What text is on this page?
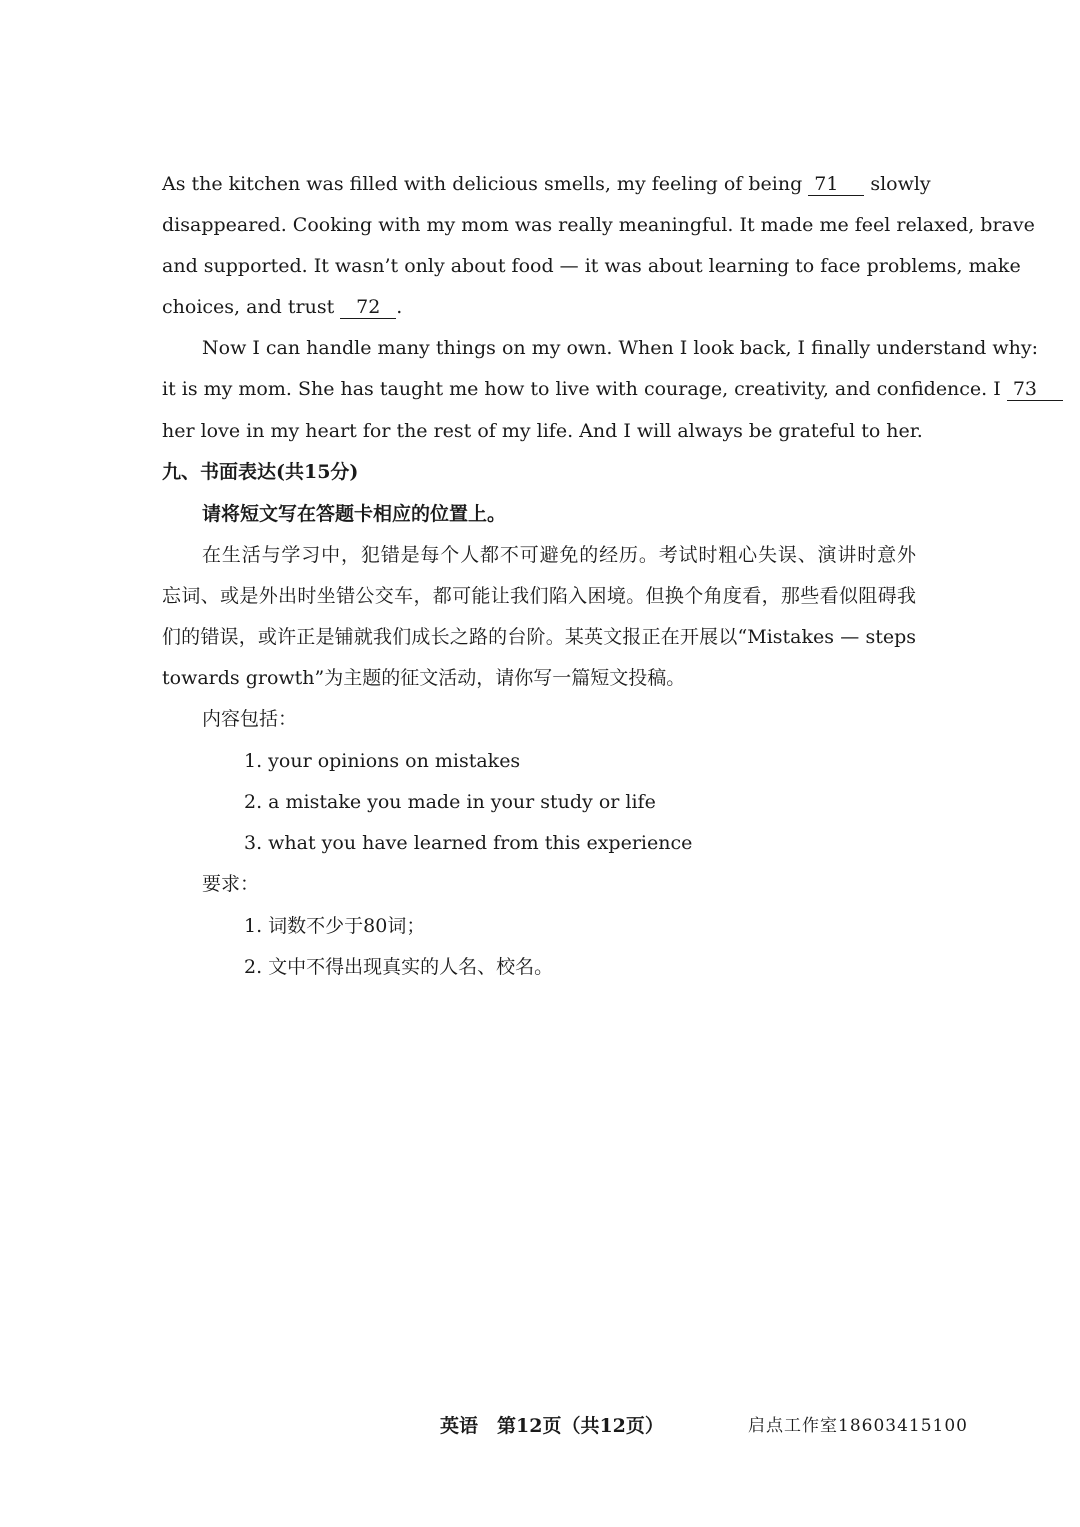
As the kitchen was filled with delicious smells, my feeling of being 71 slowly
disappeared. Cooking with my mom was really meaningful. It made me feel relaxed, brave
and supported. It wasn’t only about food — it was about learning to face problems, make
choices, and trust 72 .
Now I can handle many things on my own. When I look back, I finally understand why:
it is my mom. She has taught me how to live with courage, creativity, and confidence. I 73
her love in my heart for the rest of my life. And I will always be grateful to her.
九、书面表达(共15分)
请将短文写在答题卡相应的位置上。
在生活与学习中，犯错是每个人都不可避免的经历。考试时粗心失误、演讲时意外
忘词、或是外出时坐错公交车，都可能让我们陷入困境。但换个角度看，那些看似阻碍我
们的错误，或许正是铺就我们成长之路的台阶。某英文报正在开展以“Mistakes — steps
towards growth”为主题的征文活动，请你写一篇短文投稿。
内容包括：
1. your opinions on mistakes
2. a mistake you made in your study or life
3. what you have learned from this experience
要求：
1. 词数不少于80词；
2. 文中不得出现真实的人名、校名。
英语　第12页（共12页）	启点工作室18603415100
